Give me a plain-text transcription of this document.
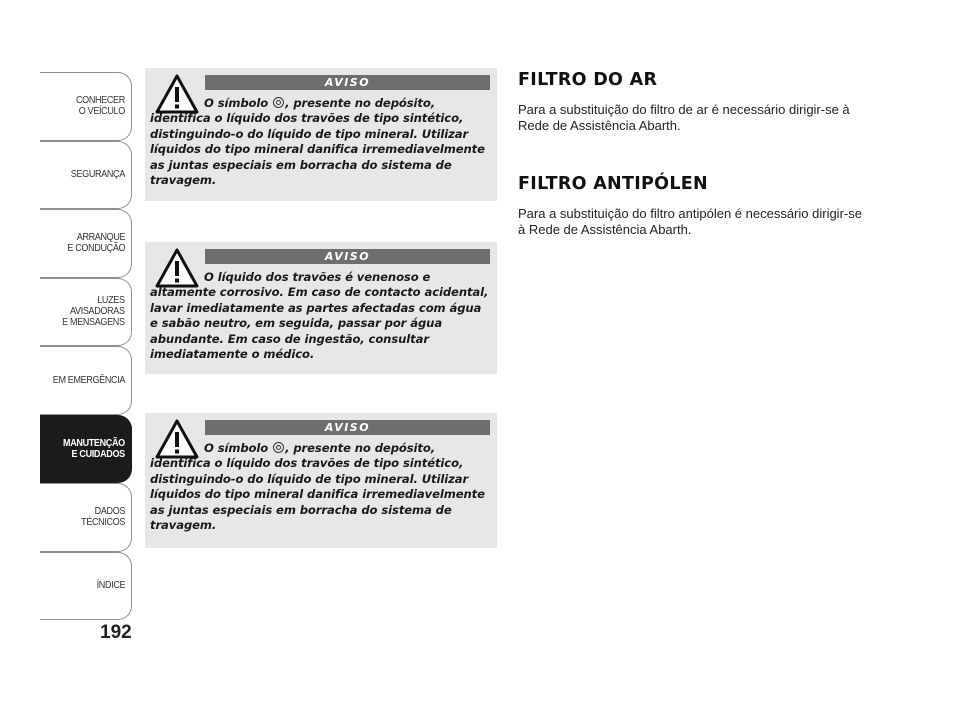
CONHECER
O VEÍCULO
SEGURANÇA
ARRANQUE
E CONDUÇÃO
LUZES
AVISADORAS
E MENSAGENS
EM EMERGÊNCIA
MANUTENÇÃO
E CUIDADOS
DADOS
TÉCNICOS
ÍNDICE
192
AVISO
O símbolo , presente no depósito, identifica o líquido dos travões de tipo sintético, distinguindo-o do líquido de tipo mineral. Utilizar líquidos do tipo mineral danifica irremediavelmente as juntas especiais em borracha do sistema de travagem.
AVISO
O líquido dos travões é venenoso e altamente corrosivo. Em caso de contacto acidental, lavar imediatamente as partes afectadas com água e sabão neutro, em seguida, passar por água abundante. Em caso de ingestão, consultar imediatamente o médico.
AVISO
O símbolo , presente no depósito, identifica o líquido dos travões de tipo sintético, distinguindo-o do líquido de tipo mineral. Utilizar líquidos do tipo mineral danifica irremediavelmente as juntas especiais em borracha do sistema de travagem.
FILTRO DO AR

Para a substituição do filtro de ar é necessário dirigir-se à Rede de Assistência Abarth.

FILTRO ANTIPÓLEN

Para a substituição do filtro antipólen é necessário dirigir-se à Rede de Assistência Abarth.
